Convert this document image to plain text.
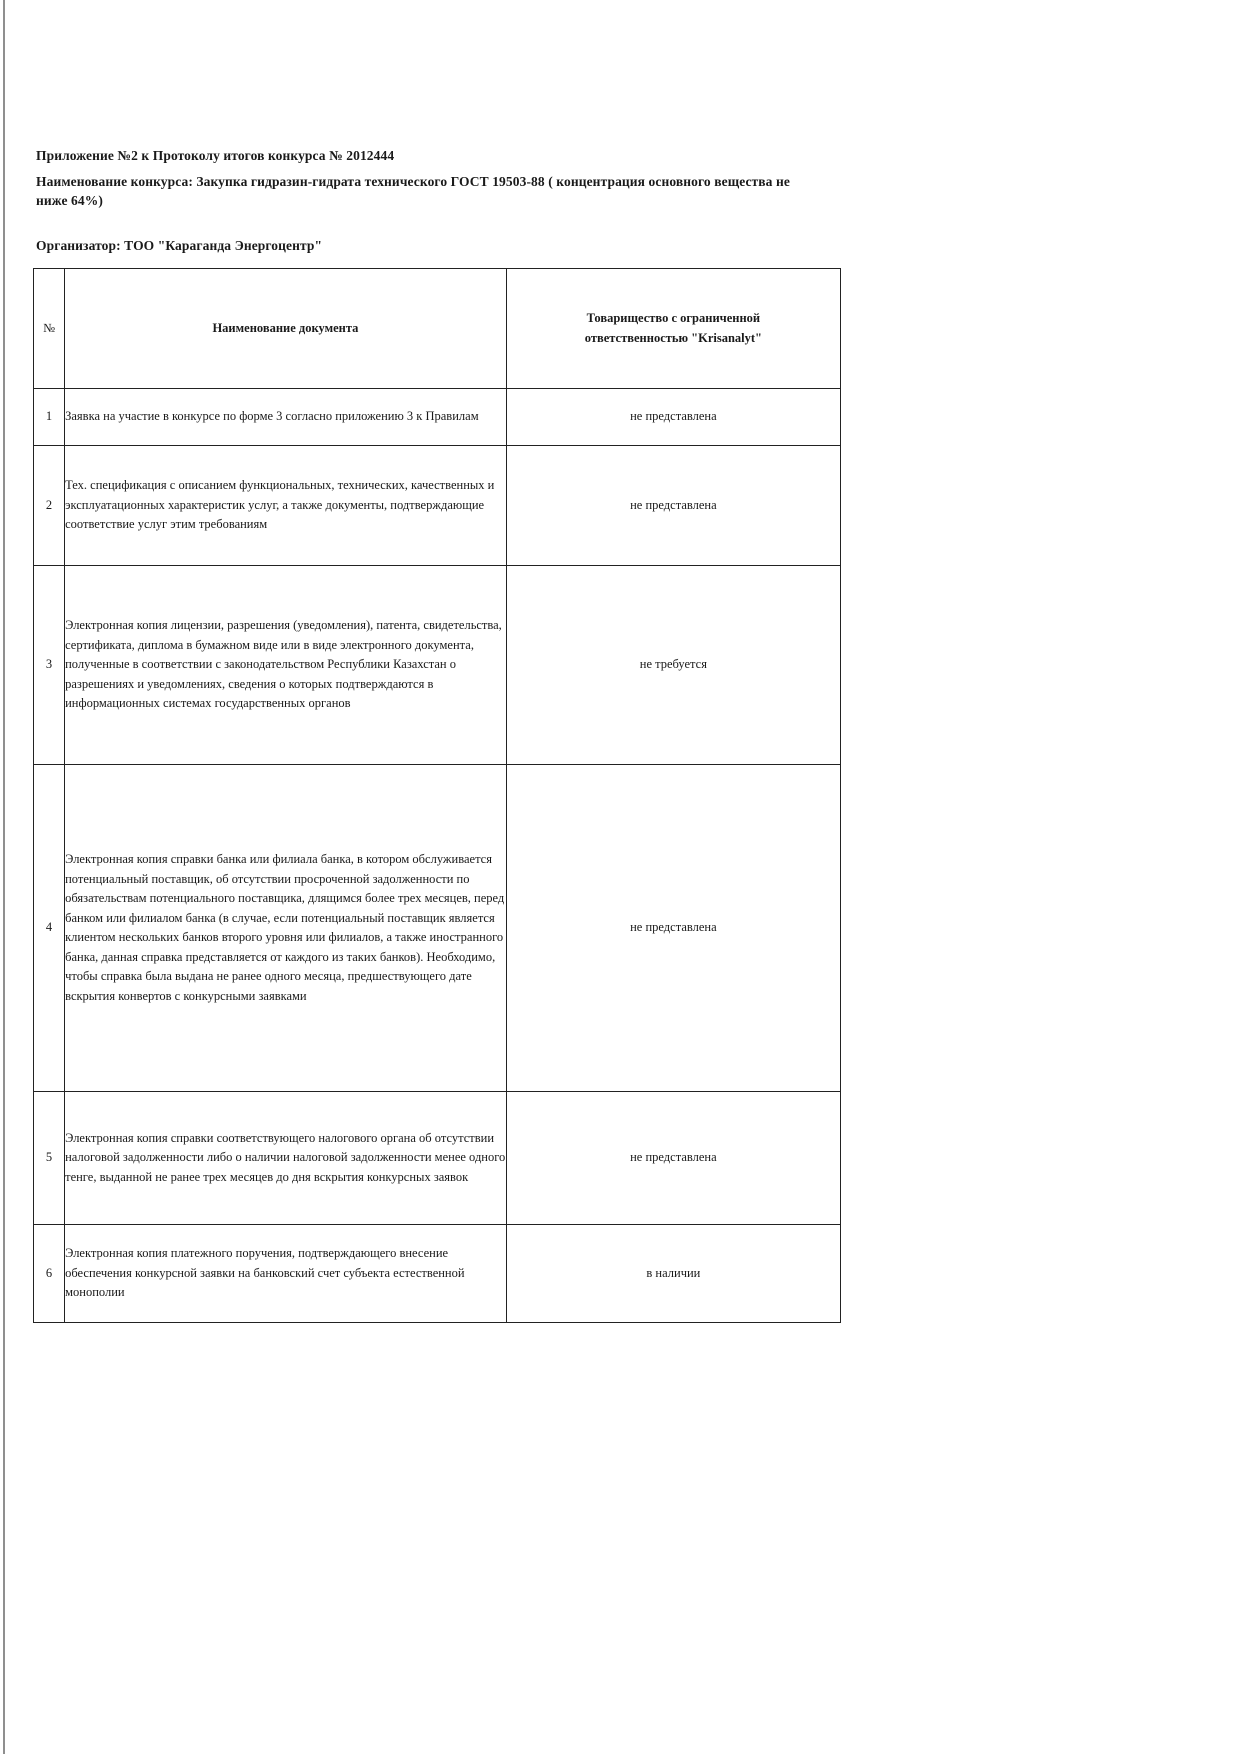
Приложение №2 к Протоколу итогов конкурса № 2012444
Наименование конкурса: Закупка гидразин-гидрата технического ГОСТ 19503-88 ( концентрация основного вещества не ниже 64%)
Организатор: ТОО "Караганда Энергоцентр"
№	Наименование документа	Товарищество с ограниченной ответственностью "Krisanalyt"

1	Заявка на участие в конкурсе по форме 3 согласно приложению 3 к Правилам	не представлена
2	Тех. спецификация с описанием функциональных, технических, качественных и эксплуатационных характеристик услуг, а также документы, подтверждающие соответствие услуг этим требованиям	не представлена
3	Электронная копия лицензии, разрешения (уведомления), патента, свидетельства, сертификата, диплома в бумажном виде или в виде электронного документа, полученные в соответствии с законодательством Республики Казахстан о разрешениях и уведомлениях, сведения о которых подтверждаются в информационных системах государственных органов	не требуется
4	Электронная копия справки банка или филиала банка, в котором обслуживается потенциальный поставщик, об отсутствии просроченной задолженности по обязательствам потенциального поставщика, длящимся более трех месяцев, перед банком или филиалом банка (в случае, если потенциальный поставщик является клиентом нескольких банков второго уровня или филиалов, а также иностранного банка, данная справка представляется от каждого из таких банков). Необходимо, чтобы справка была выдана не ранее одного месяца, предшествующего дате вскрытия конвертов с конкурсными заявками	не представлена
5	Электронная копия справки соответствующего налогового органа об отсутствии налоговой задолженности либо о наличии налоговой задолженности менее одного тенге, выданной не ранее трех месяцев до дня вскрытия конкурсных заявок	не представлена
6	Электронная копия платежного поручения, подтверждающего внесение обеспечения конкурсной заявки на банковский счет субъекта естественной монополии	в наличии
